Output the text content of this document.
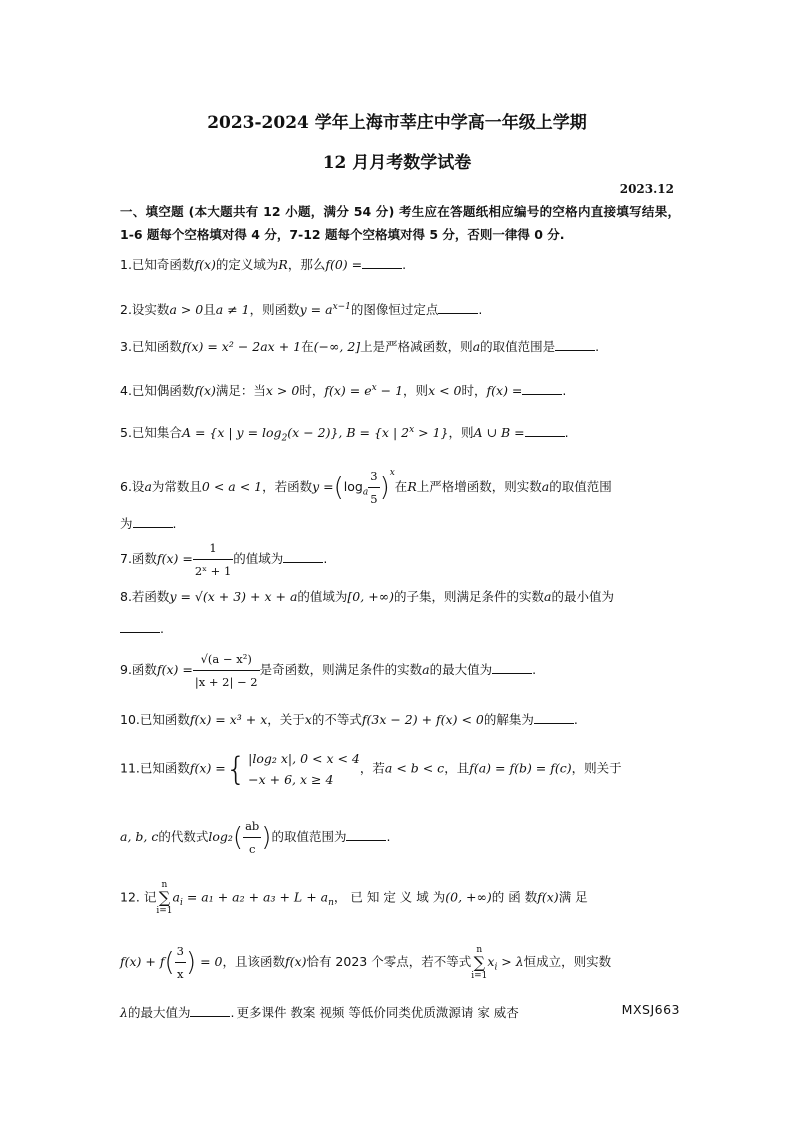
2023-2024 学年上海市莘庄中学高一年级上学期
12 月月考数学试卷
2023.12
一、填空题 (本大题共有 12 小题，满分 54 分) 考生应在答题纸相应编号的空格内直接填写结果，1-6 题每个空格填对得 4 分，7-12 题每个空格填对得 5 分，否则一律得 0 分.
1.已知奇函数f(x)的定义域为R，那么f(0) =	.
2.设实数a > 0且a ≠ 1，则函数$y = a^{x-1}$的图像恒过定点	.
3.已知函数f(x) = x² − 2ax + 1在(−∞, 2]上是严格减函数，则a的取值范围是	.
4.已知偶函数f(x)满足：当x > 0时，$f(x) = e^x - 1$，则x < 0时，f(x) =	.
5.已知集合A = {x | $y = \log_2(x - 2)$}, B = {x | $2^x > 1$}，则A ∪ B =	.
6.设a为常数且0 < a < 1，若函数$y =(\log_a \frac{3}{5} )^x$在R上严格增函数，则实数a的取值范围
为	.
7.函数$f(x) = \frac{1}{\text{2ˣ + 1}}$ 的值域为	.
8.若函数y = √(x + 3) + x + a的值域为[0, +∞)的子集，则满足条件的实数a的最小值为
.
9.函数$f(x) = \frac{\text{√(a − x²)}}{|x + 2| - 2}$ 是奇函数，则满足条件的实数a的最大值为	.
10.已知函数f(x) = x³ + x，关于x的不等式f(3x − 2) + f(x) < 0的解集为	.
11.已知函数f(x) ={ |log₂ x|, 0 < x < 4
−x + 6, x ≥ 4
，若a < b < c，且f(a) = f(b) = f(c)，则关于
a, b, c的代数式$\log_2( \frac{ab}{c}$ )的取值范围为	.
12. 记n
∑
$i=1a_i = a_1 + a_2 + a_3 + L + a_n$， 已 知 定 义 域 为(0, +∞)的 函 数f(x)满 足
$f(x) + f( \frac{3}{x}$ ) = 0，且该函数f(x)恰有 2023 个零点，若不等式n
∑
$i=1x_i > \lambda$恒成立，则实数
λ的最大值为	. 更多课件 教案 视频 等低价同类优质溦源请 家 威杏	MXSJ663
